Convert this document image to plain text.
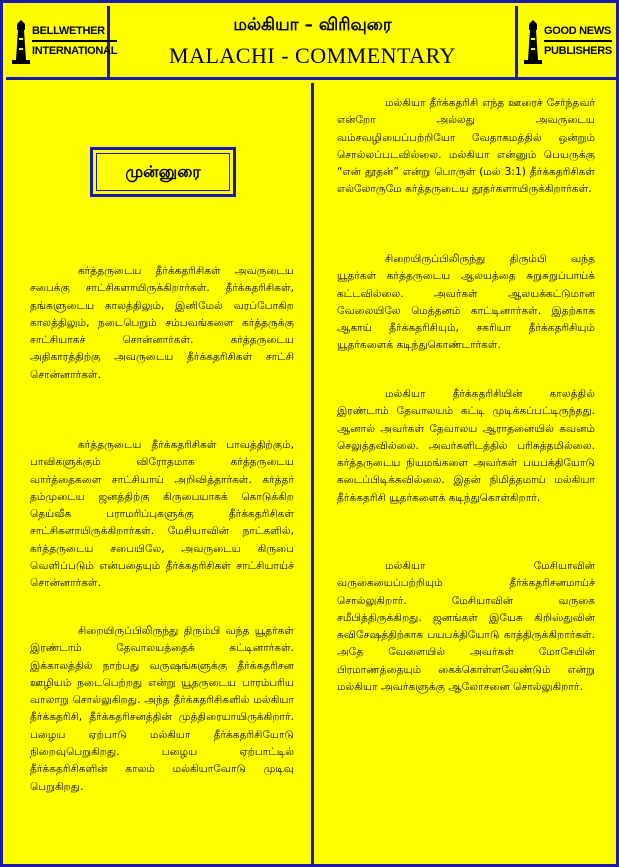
BELLWETHER
INTERNATIONAL
மல்கியா – விரிவுரை
MALACHI - COMMENTARY
GOOD NEWS
PUBLISHERS
முன்னுரை

கர்த்தருடைய தீர்க்கதரிசிகள் அவருடைய சபைக்கு சாட்சிகளாயிருக்கிறார்கள். தீர்க்கதரிசிகள், தங்களுடைய காலத்திலும், இனிமேல் வரப்போகிற காலத்திலும், நடைபெறும் சம்பவங்களை கர்த்தருக்கு சாட்சியாகச் சொன்னார்கள். கர்த்தருடைய அதிகாரத்திற்கு அவருடைய தீர்க்கதரிசிகள் சாட்சி சொன்னார்கள்.

கர்த்தருடைய தீர்க்கதரிசிகள் பாவத்திற்கும், பாவிகளுக்கும் விரோதமாக கர்த்தருடைய வார்த்தைகளை சாட்சியாய் அறிவித்தார்கள். கர்த்தர் தம்முடைய ஜனத்திற்கு கிருபையாகக் கொடுக்கிற தெய்வீக பராமரிப்புகளுக்கு தீர்க்கதரிசிகள் சாட்சிகளாயிருக்கிறார்கள். மேசியாவின் நாட்களில், கர்த்தருடைய சபையிலே, அவருடைய கிருபை வெளிப்படும் என்பதையும் தீர்க்கதரிசிகள் சாட்சியாய்ச் சொன்னார்கள்.

சிறையிருப்பிலிருந்து திரும்பி வந்த யூதர்கள் இரண்டாம் தேவாலயத்தைக் கட்டினார்கள். இக்காலத்தில் நாற்பது வருஷங்களுக்கு தீர்க்கதரிசன ஊழியம் நடைபெற்றது என்று யூதருடைய பாரம்பரிய வாலாறு சொல்லுகிறது. அந்த தீர்க்கதரிசிகளில் மல்கியா தீர்க்கதரிசி, தீர்க்கதரிசனத்தின் முத்திரையாயிருக்கிறார். பழைய ஏற்பாடு மல்கியா தீர்க்கதரிசியோடு நிறைவுபெறுகிறது. பழைய ஏற்பாட்டில் தீர்க்கதரிசிகளின் காலம் மல்கியாவோடு முடிவு பெறுகிறது.

மல்கியா தீர்க்கதரிசி எந்த ஊரைச் சேர்ந்தவர் என்றோ அல்லது அவருடைய வம்சவழியைப்பற்றியோ வேதாகமத்தில் ஒன்றும் சொல்லப்படவில்லை. மல்கியா என்னும் பெயருக்கு “என் தூதன்” என்று பொருள் (மல் 3:1) தீர்க்கதரிசிகள் எல்லோருமே கர்த்தருடைய தூதர்களாயிருக்கிறார்கள்.

சிறையிருப்பிலிருந்து திரும்பி வந்த யூதர்கள் கர்த்தருடைய ஆலயத்தை சுறுசுறுப்பாய்க் கட்டவில்லை. அவர்கள் ஆலயக்கட்டுமான வேலையிலே மெத்தனம் காட்டினார்கள். இதற்காக ஆகாய் தீர்க்கதரிசியும், சகரியா தீர்க்கதரிசியும் யூதர்களைக் கடிந்துகொண்டார்கள்.

மல்கியா தீர்க்கதரிசியின் காலத்தில் இரண்டாம் தேவாலயம் கட்டி முடிக்கப்பட்டிருந்தது. ஆனால் அவர்கள் தேவாலய ஆராதனையில் கவனம் செலுத்தவில்லை. அவர்களிடத்தில் பரிசுத்தமில்லை. கர்த்தருடைய நியமங்களை அவர்கள் பயபக்தியோடு கடைப்பிடிக்கவில்லை. இதன் நிமித்தமாய் மல்கியா தீர்க்கதரிசி யூதர்களைக் கடிந்துகொள்கிறார்.

மல்கியா மேசியாவின் வருகையைப்பற்றியும் தீர்க்கதரிசனமாய்ச் சொல்லுகிறார். மேசியாவின் வருகை சமீபித்திருக்கிறது. ஜனங்கள் இயேசு கிறிஸ்துவின் சுவிசேஷத்திற்காக பயபக்தியோடு காத்திருக்கிறார்கள். அதே வேளையில் அவர்கள் மோசேயின் பிரமாணத்தையும் கைக்கொள்ளவேண்டும் என்று மல்கியா அவர்களுக்கு ஆலோசனை சொல்லுகிறார்.
